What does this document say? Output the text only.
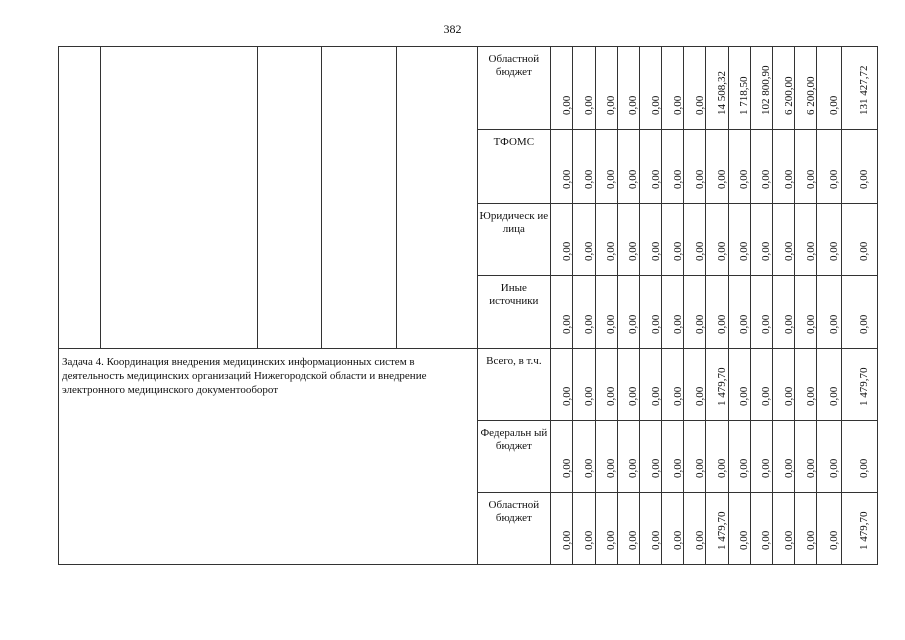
382
					Областной бюджет	0,00	0,00	0,00	0,00	0,00	0,00	0,00	14 508,32	1 718,50	102 800,90	6 200,00	6 200,00	0,00	131 427,72

					ТФОМС	0,00	0,00	0,00	0,00	0,00	0,00	0,00	0,00	0,00	0,00	0,00	0,00	0,00	0,00

					Юридическ ие лица	0,00	0,00	0,00	0,00	0,00	0,00	0,00	0,00	0,00	0,00	0,00	0,00	0,00	0,00

					Иные источники	0,00	0,00	0,00	0,00	0,00	0,00	0,00	0,00	0,00	0,00	0,00	0,00	0,00	0,00

Задача 4. Координация внедрения медицинских информационных систем в деятельность медицинских организаций Нижегородской области и внедрение электронного медицинского документооборот					Всего, в т.ч.	0,00	0,00	0,00	0,00	0,00	0,00	0,00	1 479,70	0,00	0,00	0,00	0,00	0,00	1 479,70

					Федеральн ый бюджет	0,00	0,00	0,00	0,00	0,00	0,00	0,00	0,00	0,00	0,00	0,00	0,00	0,00	0,00

					Областной бюджет	0,00	0,00	0,00	0,00	0,00	0,00	0,00	1 479,70	0,00	0,00	0,00	0,00	0,00	1 479,70
